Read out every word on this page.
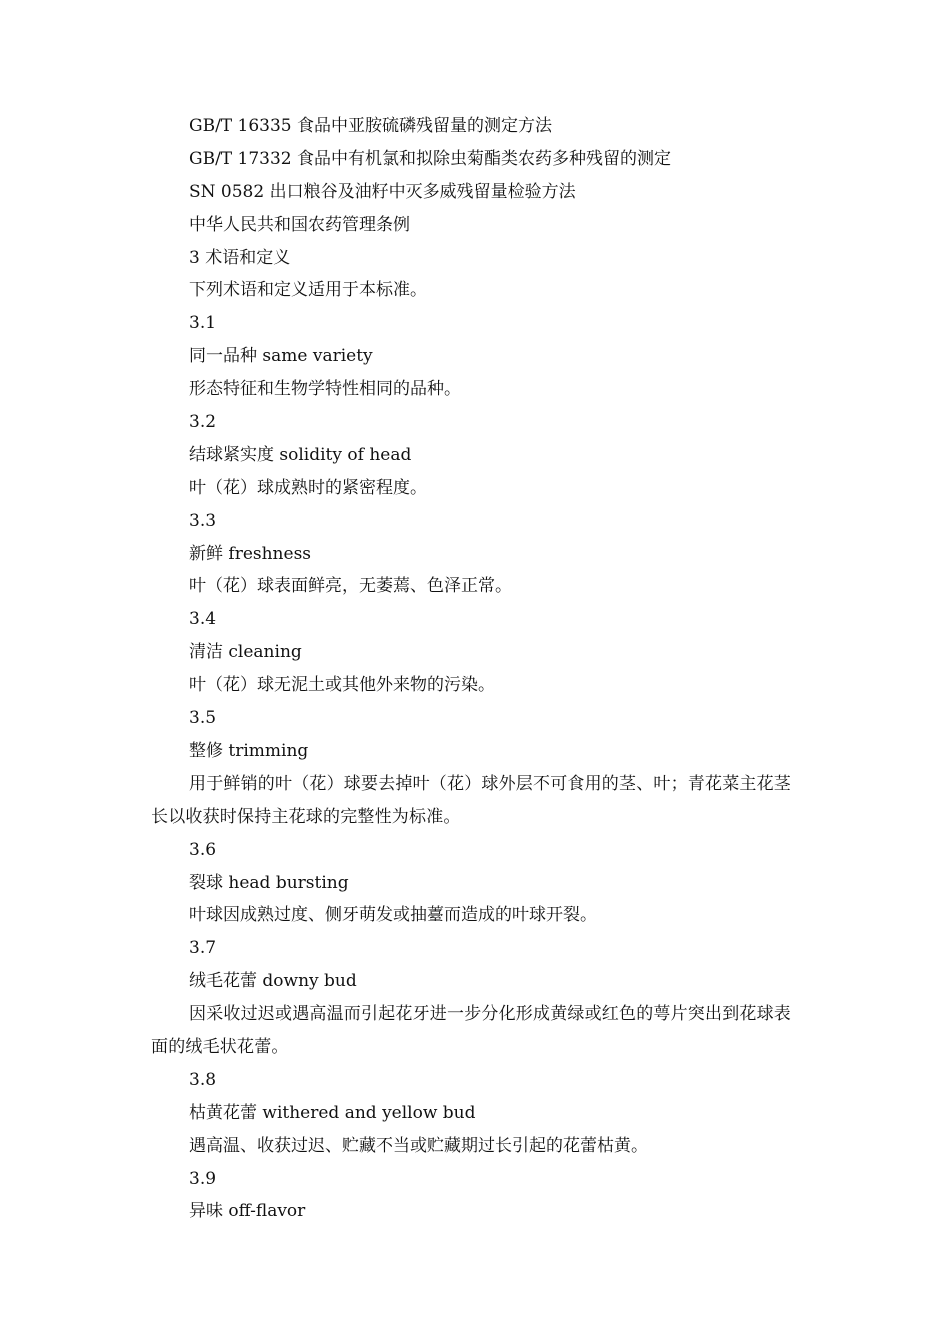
GB/T 16335 食品中亚胺硫磷残留量的测定方法
GB/T 17332 食品中有机氯和拟除虫菊酯类农药多种残留的测定
SN 0582 出口粮谷及油籽中灭多威残留量检验方法
中华人民共和国农药管理条例
3 术语和定义
下列术语和定义适用于本标准。
3.1
同一品种 same variety
形态特征和生物学特性相同的品种。
3.2
结球紧实度 solidity of head
叶（花）球成熟时的紧密程度。
3.3
新鲜 freshness
叶（花）球表面鲜亮，无萎蔫、色泽正常。
3.4
清洁 cleaning
叶（花）球无泥土或其他外来物的污染。
3.5
整修 trimming
用于鲜销的叶（花）球要去掉叶（花）球外层不可食用的茎、叶；青花菜主花茎长以收获时保持主花球的完整性为标准。
3.6
裂球 head bursting
叶球因成熟过度、侧牙萌发或抽薹而造成的叶球开裂。
3.7
绒毛花蕾 downy bud
因采收过迟或遇高温而引起花牙进一步分化形成黄绿或红色的萼片突出到花球表面的绒毛状花蕾。
3.8
枯黄花蕾 withered and yellow bud
遇高温、收获过迟、贮藏不当或贮藏期过长引起的花蕾枯黄。
3.9
异味 off-flavor
